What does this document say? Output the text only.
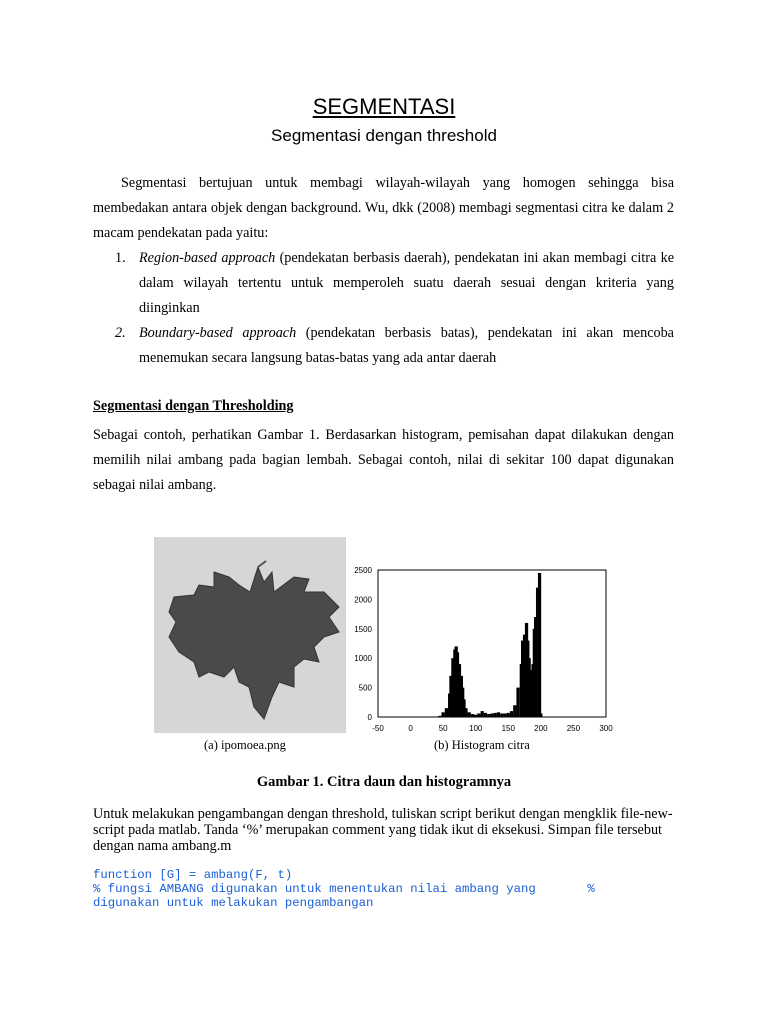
SEGMENTASI
Segmentasi dengan threshold
Segmentasi bertujuan untuk membagi wilayah-wilayah yang homogen sehingga bisa membedakan antara objek dengan background. Wu, dkk (2008) membagi segmentasi citra ke dalam 2 macam pendekatan pada yaitu:
1. Region-based approach (pendekatan berbasis daerah), pendekatan ini akan membagi citra ke dalam wilayah tertentu untuk memperoleh suatu daerah sesuai dengan kriteria yang diinginkan
2. Boundary-based approach (pendekatan berbasis batas), pendekatan ini akan mencoba menemukan secara langsung batas-batas yang ada antar daerah
Segmentasi dengan Thresholding
Sebagai contoh, perhatikan Gambar 1. Berdasarkan histogram, pemisahan dapat dilakukan dengan memilih nilai ambang pada bagian lembah. Sebagai contoh, nilai di sekitar 100 dapat digunakan sebagai nilai ambang.
-50	0	50	100 150 200 250 300
0
500
1000
1500
2000
2500
(a) ipomoea.png	(b) Histogram citra
Gambar 1. Citra daun dan histogramnya
Untuk melakukan pengambangan dengan threshold, tuliskan script berikut dengan mengklik file-new-script pada matlab. Tanda ‘%’ merupakan comment yang tidak ikut di eksekusi. Simpan file tersebut dengan nama ambang.m
function [G] = ambang(F, t)
% fungsi AMBANG digunakan untuk menentukan nilai ambang yang       %
digunakan untuk melakukan pengambangan
